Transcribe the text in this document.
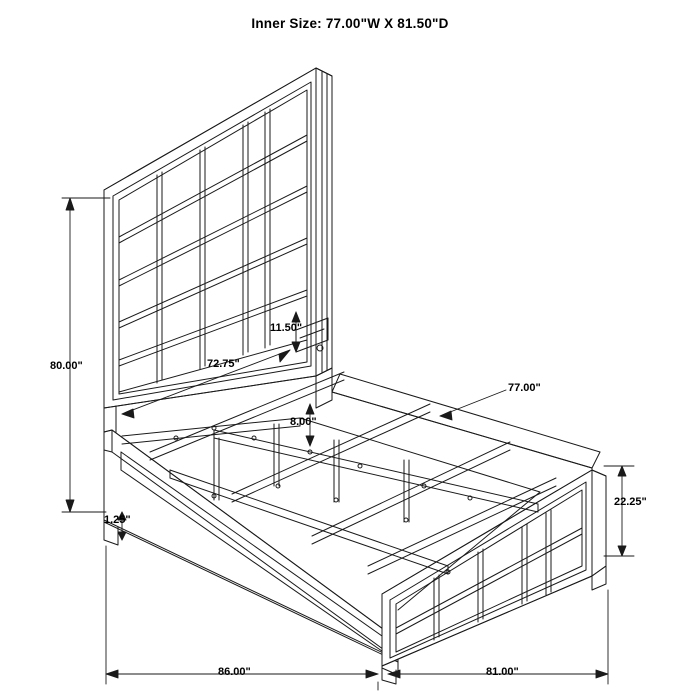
Inner Size: 77.00"W X 81.50"D
80.00"	72.75"
11.50"
8.00"
77.00"
22.25"
1.25"
86.00"	81.00"
